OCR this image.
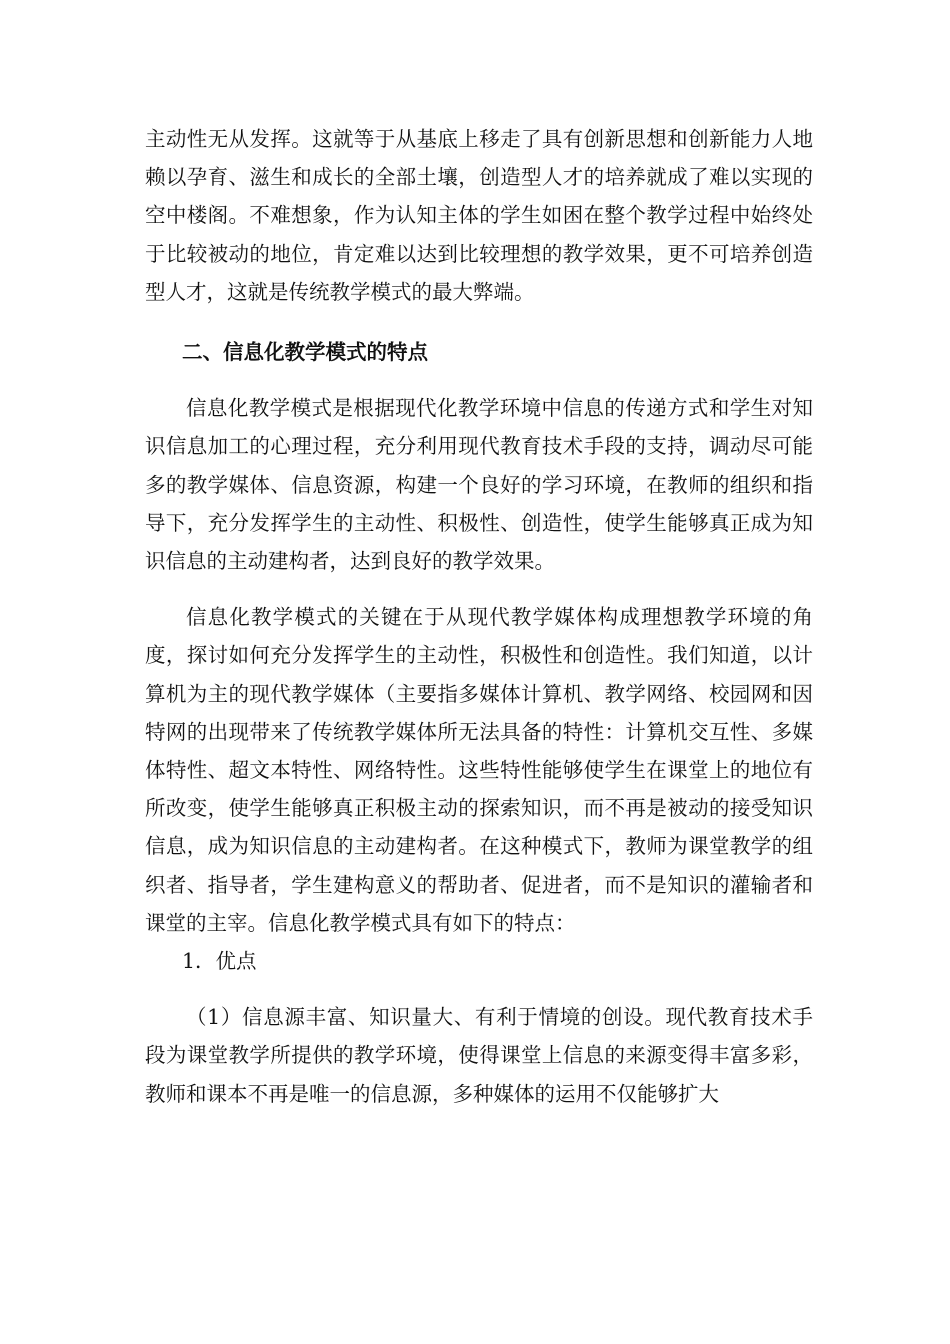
主动性无从发挥。这就等于从基底上移走了具有创新思想和创新能力人地赖以孕育、滋生和成长的全部土壤，创造型人才的培养就成了难以实现的空中楼阁。不难想象，作为认知主体的学生如困在整个教学过程中始终处于比较被动的地位，肯定难以达到比较理想的教学效果，更不可培养创造型人才，这就是传统教学模式的最大弊端。

二、信息化教学模式的特点

信息化教学模式是根据现代化教学环境中信息的传递方式和学生对知识信息加工的心理过程，充分利用现代教育技术手段的支持，调动尽可能多的教学媒体、信息资源，构建一个良好的学习环境，在教师的组织和指导下，充分发挥学生的主动性、积极性、创造性，使学生能够真正成为知识信息的主动建构者，达到良好的教学效果。

信息化教学模式的关键在于从现代教学媒体构成理想教学环境的角度，探讨如何充分发挥学生的主动性，积极性和创造性。我们知道，以计算机为主的现代教学媒体（主要指多媒体计算机、教学网络、校园网和因特网的出现带来了传统教学媒体所无法具备的特性：计算机交互性、多媒体特性、超文本特性、网络特性。这些特性能够使学生在课堂上的地位有所改变，使学生能够真正积极主动的探索知识，而不再是被动的接受知识信息，成为知识信息的主动建构者。在这种模式下，教师为课堂教学的组织者、指导者，学生建构意义的帮助者、促进者，而不是知识的灌输者和课堂的主宰。信息化教学模式具有如下的特点：

1．优点

（1）信息源丰富、知识量大、有利于情境的创设。现代教育技术手段为课堂教学所提供的教学环境，使得课堂上信息的来源变得丰富多彩，教师和课本不再是唯一的信息源，多种媒体的运用不仅能够扩大
